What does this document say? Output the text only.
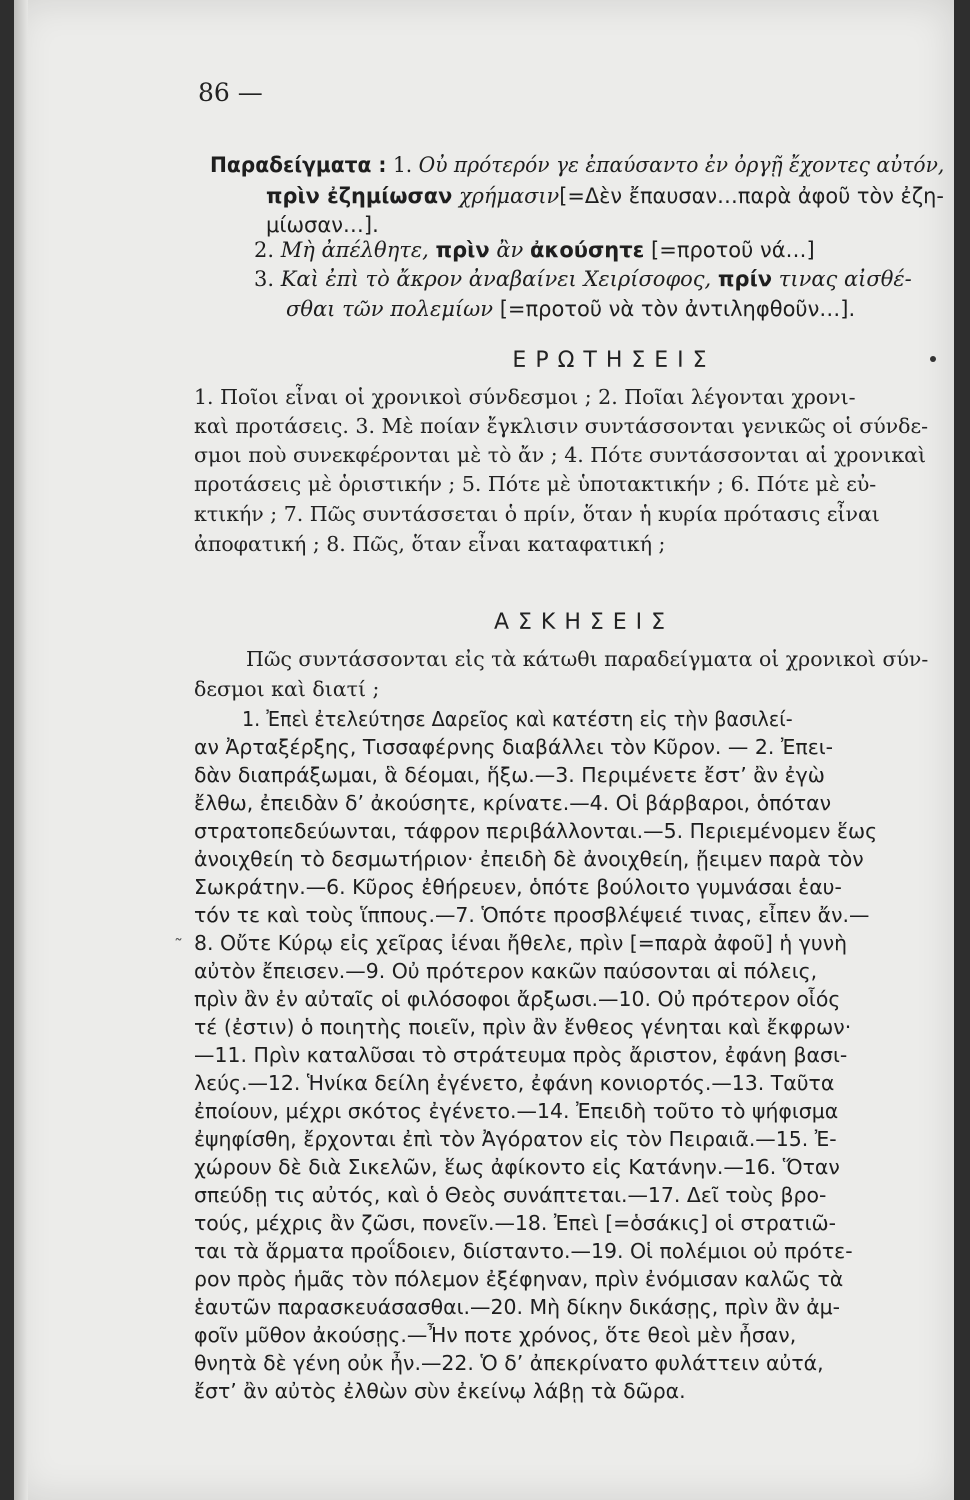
86 —
Παραδείγματα : 1. Οὐ πρότερόν γε ἐπαύσαντο ἐν ὀργῇ ἔχοντες αὐτόν,
πρὶν ἐζημίωσαν χρήμασιν[=Δὲν ἔπαυσαν…παρὰ ἀφοῦ τὸν ἐζη-
μίωσαν…].
2. Μὴ ἀπέλθητε, πρὶν ἂν ἀκούσητε [=προτοῦ νά…]
3. Καὶ ἐπὶ τὸ ἄκρον ἀναβαίνει Χειρίσοφος, πρίν τινας αἰσθέ-
σθαι τῶν πολεμίων [=προτοῦ νὰ τὸν ἀντιληφθοῦν…].
ΕΡΩΤΗΣΕΙΣ
1. Ποῖοι εἶναι οἱ χρονικοὶ σύνδεσμοι ; 2. Ποῖαι λέγονται χρονι-
καὶ προτάσεις. 3. Μὲ ποίαν ἔγκλισιν συντάσσονται γενικῶς οἱ σύνδε-
σμοι ποὺ συνεκφέρονται μὲ τὸ ἄν ; 4. Πότε συντάσσονται αἱ χρονικαὶ
προτάσεις μὲ ὁριστικήν ; 5. Πότε μὲ ὑποτακτικήν ; 6. Πότε μὲ εὐ-
κτικήν ; 7. Πῶς συντάσσεται ὁ πρίν, ὅταν ἡ κυρία πρότασις εἶναι
ἀποφατική ; 8. Πῶς, ὅταν εἶναι καταφατική ;
ΑΣΚΗΣΕΙΣ
Πῶς συντάσσονται εἰς τὰ κάτωθι παραδείγματα οἱ χρονικοὶ σύν-
δεσμοι καὶ διατί ;
1. Ἐπεὶ ἐτελεύτησε Δαρεῖος καὶ κατέστη εἰς τὴν βασιλεί-
αν Ἀρταξέρξης, Τισσαφέρνης διαβάλλει τὸν Κῦρον. — 2. Ἐπει-
δὰν διαπράξωμαι, ἃ δέομαι, ἥξω.—3. Περιμένετε ἔστ’ ἂν ἐγὼ
ἔλθω, ἐπειδὰν δ’ ἀκούσητε, κρίνατε.—4. Οἱ βάρβαροι, ὁπόταν
στρατοπεδεύωνται, τάφρον περιβάλλονται.—5. Περιεμένομεν ἕως
ἀνοιχθείη τὸ δεσμωτήριον· ἐπειδὴ δὲ ἀνοιχθείη, ᾔειμεν παρὰ τὸν
Σωκράτην.—6. Κῦρος ἐθήρευεν, ὁπότε βούλοιτο γυμνάσαι ἑαυ-
τόν τε καὶ τοὺς ἵππους.—7. Ὁπότε προσβλέψειέ τινας, εἶπεν ἄν.—
˜ 8. Οὔτε Κύρῳ εἰς χεῖρας ἰέναι ἤθελε, πρὶν [=παρὰ ἀφοῦ] ἡ γυνὴ
αὐτὸν ἔπεισεν.—9. Οὐ πρότερον κακῶν παύσονται αἱ πόλεις,
πρὶν ἂν ἐν αὐταῖς οἱ φιλόσοφοι ἄρξωσι.—10. Οὐ πρότερον οἷός
τέ (ἐστιν) ὁ ποιητὴς ποιεῖν, πρὶν ἂν ἔνθεος γένηται καὶ ἔκφρων·
—11. Πρὶν καταλῦσαι τὸ στράτευμα πρὸς ἄριστον, ἐφάνη βασι-
λεύς.—12. Ἡνίκα δείλη ἐγένετο, ἐφάνη κονιορτός.—13. Ταῦτα
ἐποίουν, μέχρι σκότος ἐγένετο.—14. Ἐπειδὴ τοῦτο τὸ ψήφισμα
ἐψηφίσθη, ἔρχονται ἐπὶ τὸν Ἀγόρατον εἰς τὸν Πειραιᾶ.—15. Ἐ-
χώρουν δὲ διὰ Σικελῶν, ἕως ἀφίκοντο εἰς Κατάνην.—16. Ὅταν
σπεύδῃ τις αὐτός, καὶ ὁ Θεὸς συνάπτεται.—17. Δεῖ τοὺς βρο-
τούς, μέχρις ἂν ζῶσι, πονεῖν.—18. Ἐπεὶ [=ὁσάκις] οἱ στρατιῶ-
ται τὰ ἅρματα προΐδοιεν, διίσταντο.—19. Οἱ πολέμιοι οὐ πρότε-
ρον πρὸς ἡμᾶς τὸν πόλεμον ἐξέφηναν, πρὶν ἐνόμισαν καλῶς τὰ
ἑαυτῶν παρασκευάσασθαι.—20. Μὴ δίκην δικάσῃς, πρὶν ἂν ἀμ-
φοῖν μῦθον ἀκούσῃς.—Ἦν ποτε χρόνος, ὅτε θεοὶ μὲν ἦσαν,
θνητὰ δὲ γένη οὐκ ἦν.—22. Ὁ δ’ ἀπεκρίνατο φυλάττειν αὐτά,
ἔστ’ ἂν αὐτὸς ἐλθὼν σὺν ἐκείνῳ λάβῃ τὰ δῶρα.
